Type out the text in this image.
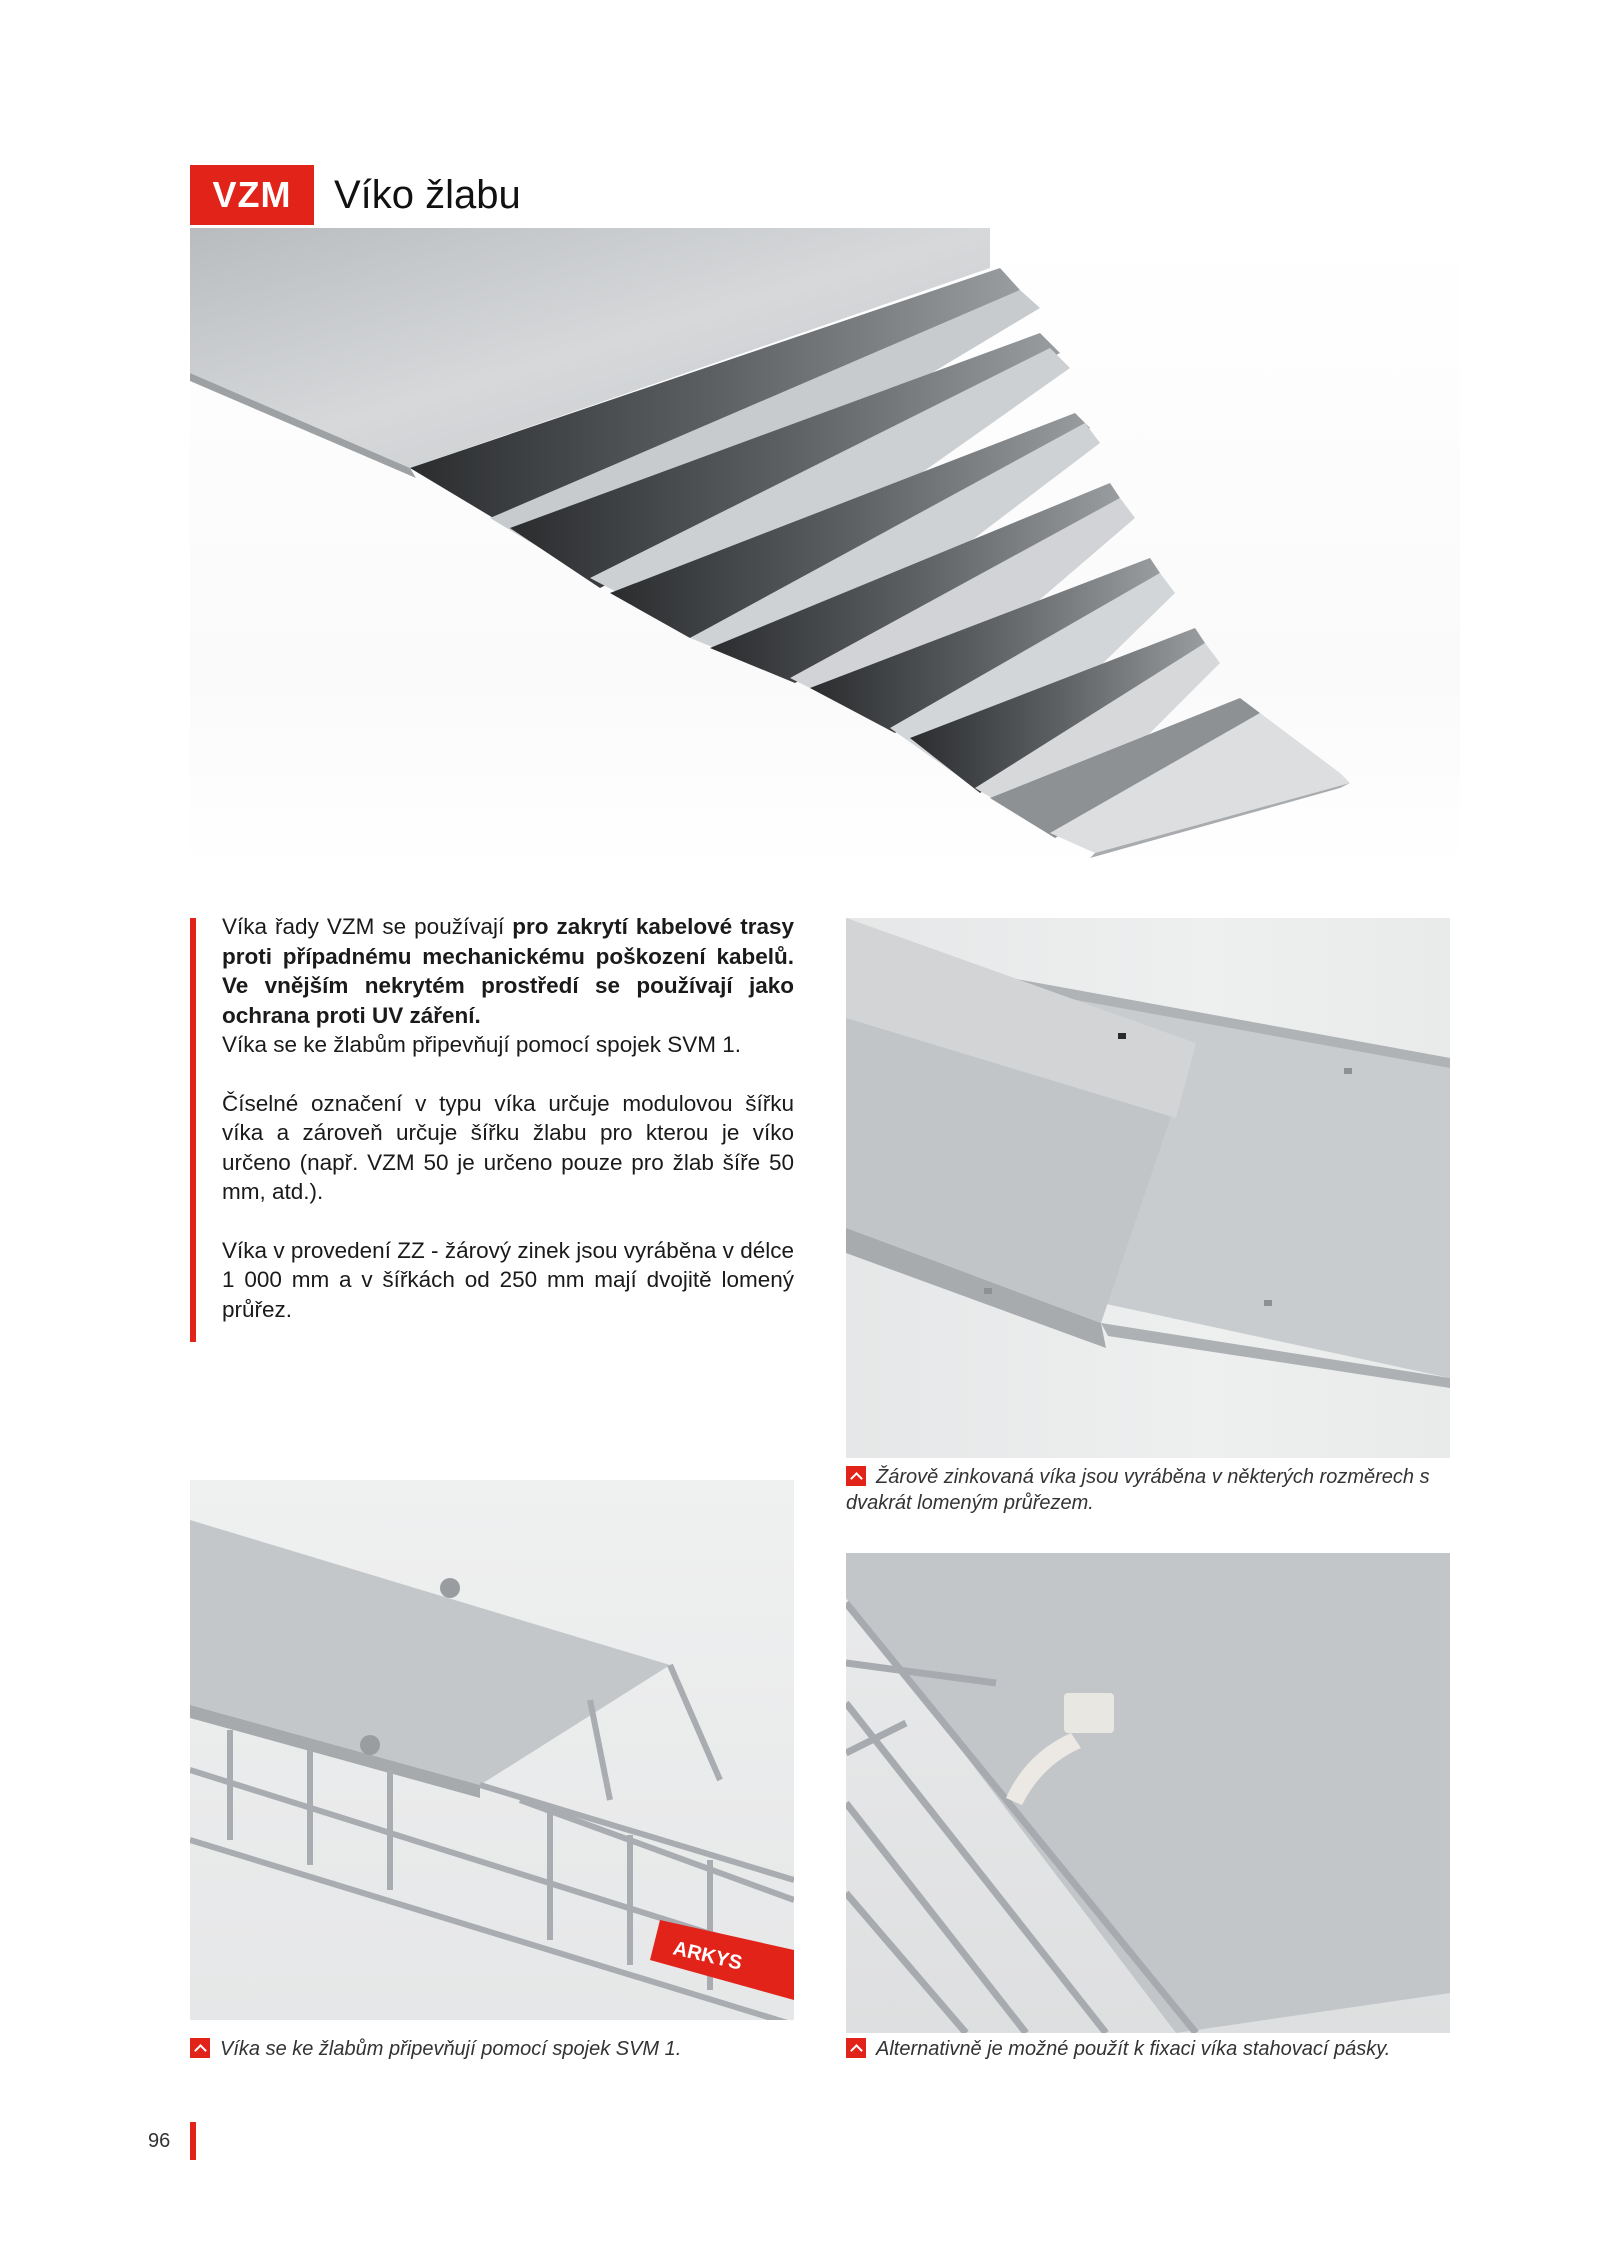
VZM	Víko žlabu

Víka řady VZM se používají pro zakrytí kabelové trasy proti případnému mechanickému poškození kabelů. Ve vnějším nekrytém prostředí se používají jako ochrana proti UV záření.
Víka se ke žlabům připevňují pomocí spojek SVM 1.

Číselné označení v typu víka určuje modulovou šířku víka a zároveň určuje šířku žlabu pro kterou je víko určeno (např. VZM 50 je určeno pouze pro žlab šíře 50 mm, atd.).

Víka v provedení ZZ - žárový zinek jsou vyráběna v délce 1 000 mm a v šířkách od 250 mm mají dvojitě lomený průřez.

Žárově zinkovaná víka jsou vyráběna v některých rozměrech s dvakrát lomeným průřezem.
ARKYS
Víka se ke žlabům připevňují pomocí spojek SVM 1.	Alternativně je možné použít k fixaci víka stahovací pásky.
96
